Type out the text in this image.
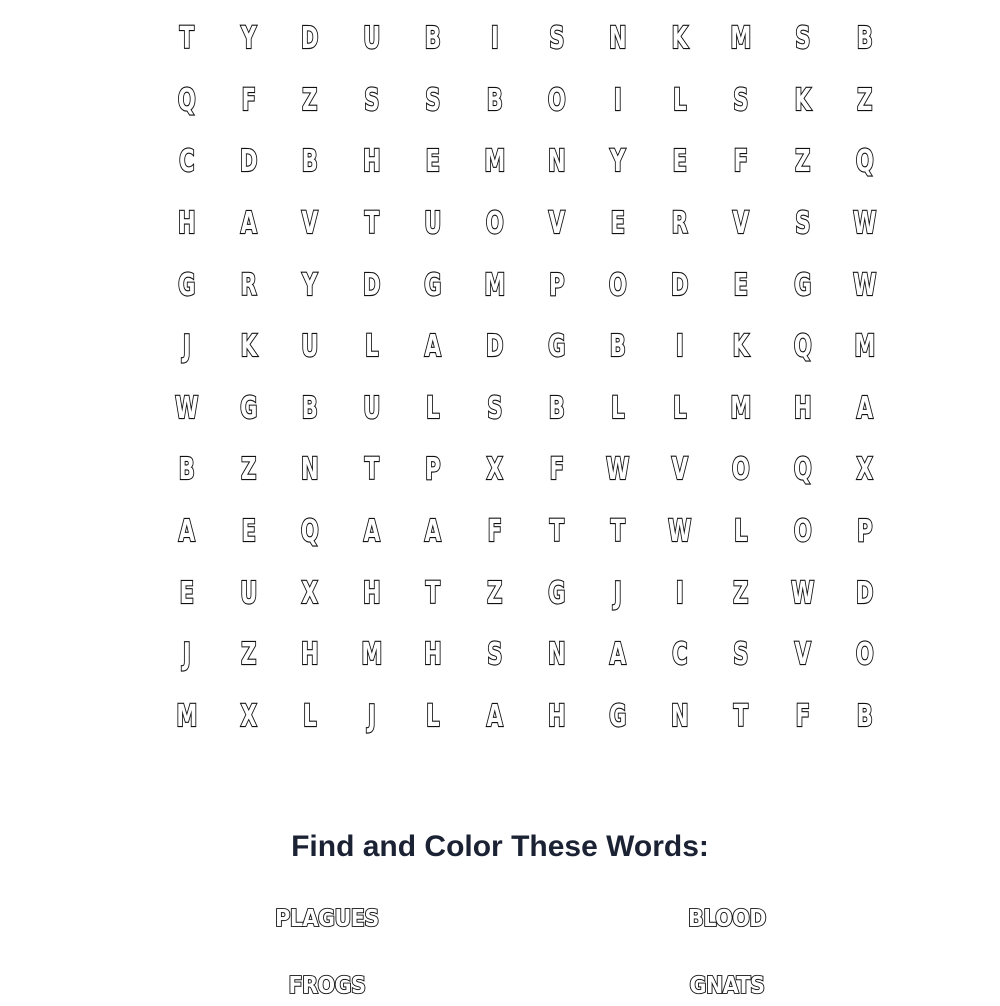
T	Y	D	U	B	I	S	N	K	M	S	B
Q	F	Z	S	S	B	O	I	L	S	K	Z
C	D	B	H	E	M	N	Y	E	F	Z	Q
H	A	V	T	U	O	V	E	R	V	S	W
G	R	Y	D	G	M	P	O	D	E	G	W
J	K	U	L	A	D	G	B	I	K	Q	M
W	G	B	U	L	S	B	L	L	M	H	A
B	Z	N	T	P	X	F	W	V	O	Q	X
A	E	Q	A	A	F	T	T	W	L	O	P
E	U	X	H	T	Z	G	J	I	Z	W	D
J	Z	H	M	H	S	N	A	C	S	V	O
M	X	L	J	L	A	H	G	N	T	F	B
Find and Color These Words:
PLAGUES	BLOOD
FROGS	GNATS
